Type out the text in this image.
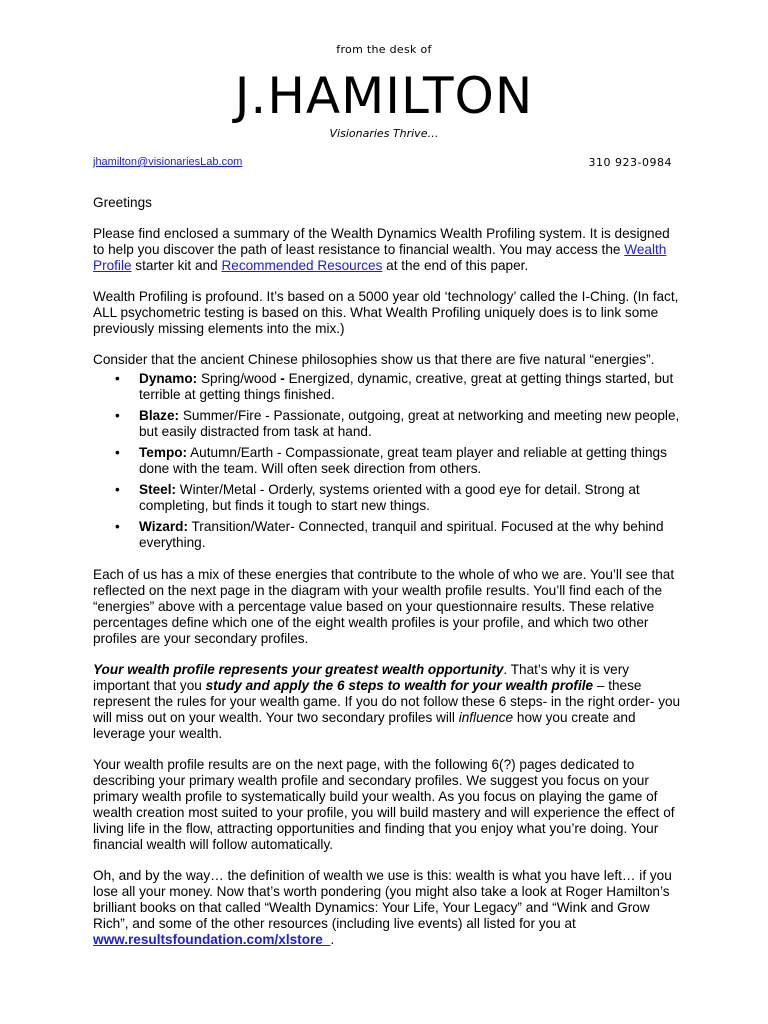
from the desk of
J.HAMILTON
Visionaries Thrive…
jhamilton@visionariesLab.com	310 923-0984

Greetings

Please find enclosed a summary of the Wealth Dynamics Wealth Profiling system. It is designed to help you discover the path of least resistance to financial wealth. You may access the Wealth Profile starter kit and Recommended Resources at the end of this paper.

Wealth Profiling is profound. It’s based on a 5000 year old ‘technology’ called the I-Ching. (In fact, ALL psychometric testing is based on this. What Wealth Profiling uniquely does is to link some previously missing elements into the mix.)

Consider that the ancient Chinese philosophies show us that there are five natural “energies”.

• Dynamo: Spring/wood - Energized, dynamic, creative, great at getting things started, but terrible at getting things finished.
• Blaze: Summer/Fire - Passionate, outgoing, great at networking and meeting new people, but easily distracted from task at hand.
• Tempo: Autumn/Earth - Compassionate, great team player and reliable at getting things done with the team. Will often seek direction from others.
• Steel: Winter/Metal - Orderly, systems oriented with a good eye for detail. Strong at completing, but finds it tough to start new things.
• Wizard: Transition/Water- Connected, tranquil and spiritual. Focused at the why behind everything.

Each of us has a mix of these energies that contribute to the whole of who we are. You’ll see that reflected on the next page in the diagram with your wealth profile results. You’ll find each of the “energies” above with a percentage value based on your questionnaire results. These relative percentages define which one of the eight wealth profiles is your profile, and which two other profiles are your secondary profiles.

Your wealth profile represents your greatest wealth opportunity. That’s why it is very important that you study and apply the 6 steps to wealth for your wealth profile – these represent the rules for your wealth game. If you do not follow these 6 steps- in the right order- you will miss out on your wealth. Your two secondary profiles will influence how you create and leverage your wealth.

Your wealth profile results are on the next page, with the following 6(?) pages dedicated to describing your primary wealth profile and secondary profiles. We suggest you focus on your primary wealth profile to systematically build your wealth. As you focus on playing the game of wealth creation most suited to your profile, you will build mastery and will experience the effect of living life in the flow, attracting opportunities and finding that you enjoy what you’re doing. Your financial wealth will follow automatically.

Oh, and by the way… the definition of wealth we use is this: wealth is what you have left… if you lose all your money. Now that’s worth pondering (you might also take a look at Roger Hamilton’s brilliant books on that called “Wealth Dynamics: Your Life, Your Legacy” and “Wink and Grow Rich”, and some of the other resources (including live events) all listed for you at www.resultsfoundation.com/xlstore .
